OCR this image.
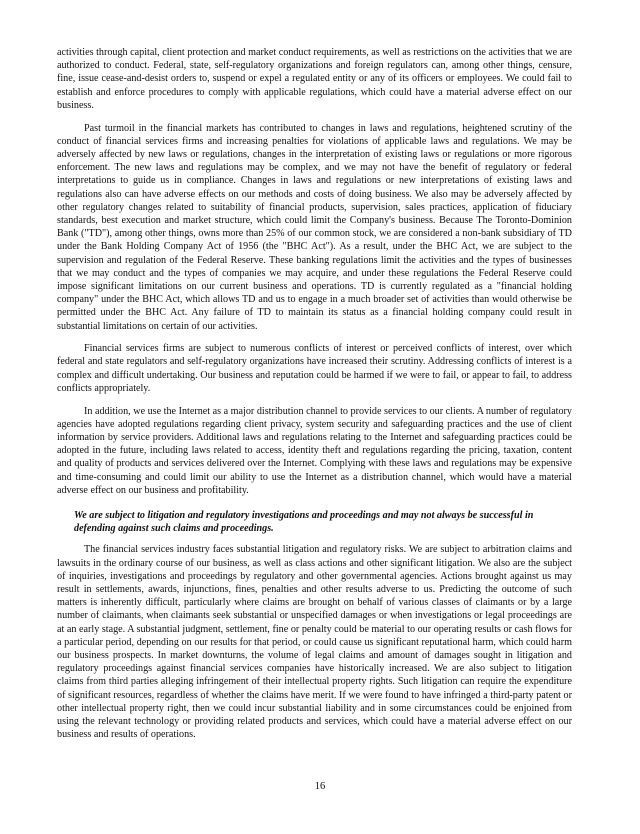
activities through capital, client protection and market conduct requirements, as well as restrictions on the activities that we are authorized to conduct. Federal, state, self-regulatory organizations and foreign regulators can, among other things, censure, fine, issue cease-and-desist orders to, suspend or expel a regulated entity or any of its officers or employees. We could fail to establish and enforce procedures to comply with applicable regulations, which could have a material adverse effect on our business.

Past turmoil in the financial markets has contributed to changes in laws and regulations, heightened scrutiny of the conduct of financial services firms and increasing penalties for violations of applicable laws and regulations. We may be adversely affected by new laws or regulations, changes in the interpretation of existing laws or regulations or more rigorous enforcement. The new laws and regulations may be complex, and we may not have the benefit of regulatory or federal interpretations to guide us in compliance. Changes in laws and regulations or new interpretations of existing laws and regulations also can have adverse effects on our methods and costs of doing business. We also may be adversely affected by other regulatory changes related to suitability of financial products, supervision, sales practices, application of fiduciary standards, best execution and market structure, which could limit the Company's business. Because The Toronto-Dominion Bank ("TD"), among other things, owns more than 25% of our common stock, we are considered a non-bank subsidiary of TD under the Bank Holding Company Act of 1956 (the "BHC Act"). As a result, under the BHC Act, we are subject to the supervision and regulation of the Federal Reserve. These banking regulations limit the activities and the types of businesses that we may conduct and the types of companies we may acquire, and under these regulations the Federal Reserve could impose significant limitations on our current business and operations. TD is currently regulated as a "financial holding company" under the BHC Act, which allows TD and us to engage in a much broader set of activities than would otherwise be permitted under the BHC Act. Any failure of TD to maintain its status as a financial holding company could result in substantial limitations on certain of our activities.

Financial services firms are subject to numerous conflicts of interest or perceived conflicts of interest, over which federal and state regulators and self-regulatory organizations have increased their scrutiny. Addressing conflicts of interest is a complex and difficult undertaking. Our business and reputation could be harmed if we were to fail, or appear to fail, to address conflicts appropriately.

In addition, we use the Internet as a major distribution channel to provide services to our clients. A number of regulatory agencies have adopted regulations regarding client privacy, system security and safeguarding practices and the use of client information by service providers. Additional laws and regulations relating to the Internet and safeguarding practices could be adopted in the future, including laws related to access, identity theft and regulations regarding the pricing, taxation, content and quality of products and services delivered over the Internet. Complying with these laws and regulations may be expensive and time-consuming and could limit our ability to use the Internet as a distribution channel, which would have a material adverse effect on our business and profitability.

We are subject to litigation and regulatory investigations and proceedings and may not always be successful in defending against such claims and proceedings.

The financial services industry faces substantial litigation and regulatory risks. We are subject to arbitration claims and lawsuits in the ordinary course of our business, as well as class actions and other significant litigation. We also are the subject of inquiries, investigations and proceedings by regulatory and other governmental agencies. Actions brought against us may result in settlements, awards, injunctions, fines, penalties and other results adverse to us. Predicting the outcome of such matters is inherently difficult, particularly where claims are brought on behalf of various classes of claimants or by a large number of claimants, when claimants seek substantial or unspecified damages or when investigations or legal proceedings are at an early stage. A substantial judgment, settlement, fine or penalty could be material to our operating results or cash flows for a particular period, depending on our results for that period, or could cause us significant reputational harm, which could harm our business prospects. In market downturns, the volume of legal claims and amount of damages sought in litigation and regulatory proceedings against financial services companies have historically increased. We are also subject to litigation claims from third parties alleging infringement of their intellectual property rights. Such litigation can require the expenditure of significant resources, regardless of whether the claims have merit. If we were found to have infringed a third-party patent or other intellectual property right, then we could incur substantial liability and in some circumstances could be enjoined from using the relevant technology or providing related products and services, which could have a material adverse effect on our business and results of operations.

16
